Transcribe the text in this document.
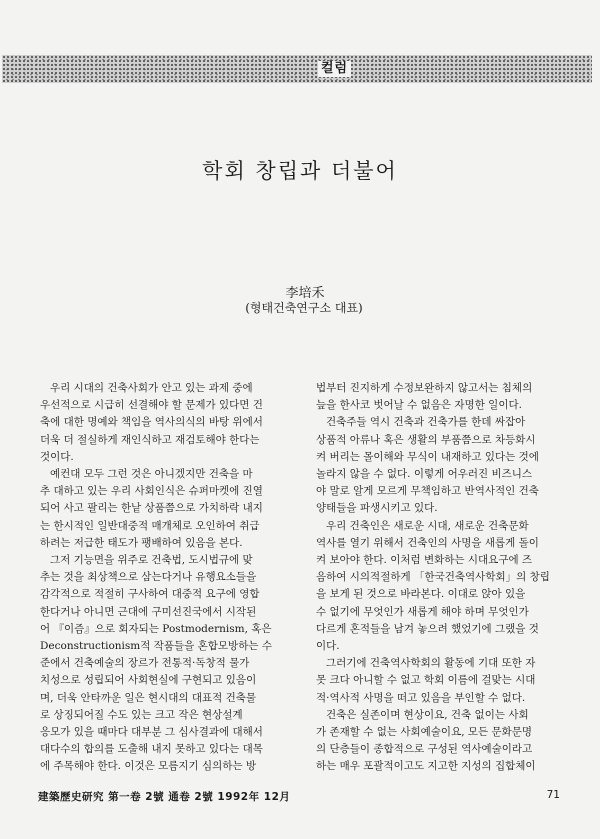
컬럼
학회 창립과 더불어
李培禾
(형태건축연구소 대표)
우리 시대의 건축사회가 안고 있는 과제 중에
우선적으로 시급히 선결해야 할 문제가 있다면 건
축에 대한 명예와 책임을 역사의식의 바탕 위에서
더욱 더 절실하게 재인식하고 재검토해야 한다는
것이다.
예컨대 모두 그런 것은 아니겠지만 건축을 마
추 대하고 있는 우리 사회인식은 슈퍼마켓에 진열
되어 사고 팔리는 한낱 상품쯤으로 가치하락 내지
는 한시적인 일반대중적 매개체로 오인하여 취급
하려는 저급한 태도가 팽배하여 있음을 본다.
그저 기능면을 위주로 건축법, 도시법규에 맞
추는 것을 최상책으로 삼는다거나 유행요소들을
감각적으로 적절히 구사하여 대중적 요구에 영합
한다거나 아니면 근대에 구미선진국에서 시작된
어 『이즘』으로 회자되는 Postmodernism, 혹은
Deconstructionism적 작품들을 혼합모방하는 수
준에서 건축예술의 장르가 전통적·독창적 물가
치성으로 성립되어 사회현실에 구현되고 있음이
며, 더욱 안타까운 일은 현시대의 대표적 건축물
로 상징되어질 수도 있는 크고 작은 현상설계
응모가 있을 때마다 대부분 그 심사결과에 대해서
대다수의 합의를 도출해 내지 못하고 있다는 대목
에 주목해야 한다. 이것은 모름지기 심의하는 방
법부터 진지하게 수정보완하지 않고서는 침체의
늪을 한사코 벗어날 수 없음은 자명한 일이다.
건축주들 역시 건축과 건축가를 한데 싸잡아
상품적 아류나 혹은 생활의 부품쯤으로 차등화시
켜 버리는 몰이해와 무식이 내재하고 있다는 것에
놀라지 않을 수 없다. 이렇게 어우러진 비즈니스
야 말로 알게 모르게 무책임하고 반역사적인 건축
양태들을 파생시키고 있다.
우리 건축인은 새로운 시대, 새로운 건축문화
역사를 열기 위해서 건축인의 사명을 새롭게 돌이
켜 보아야 한다. 이처럼 변화하는 시대요구에 즈
음하여 시의적절하게 「한국건축역사학회」의 창립
을 보게 된 것으로 바라본다. 이대로 앉아 있을
수 없기에 무엇인가 새롭게 해야 하며 무엇인가
다르게 혼적들을 남겨 놓으려 했었기에 그랬을 것
이다.
그러기에 건축역사학회의 활동에 기대 또한 자
못 크다 아니할 수 없고 학회 이름에 걸맞는 시대
적·역사적 사명을 떠고 있음을 부인할 수 없다.
건축은 실존이며 현상이요, 건축 없이는 사회
가 존재할 수 없는 사회예술이요, 모든 문화문명
의 단층들이 종합적으로 구성된 역사예술이라고
하는 매우 포괄적이고도 지고한 지성의 집합체이
建築歷史研究 第一卷 2號 通卷 2號 1992年 12月	71
